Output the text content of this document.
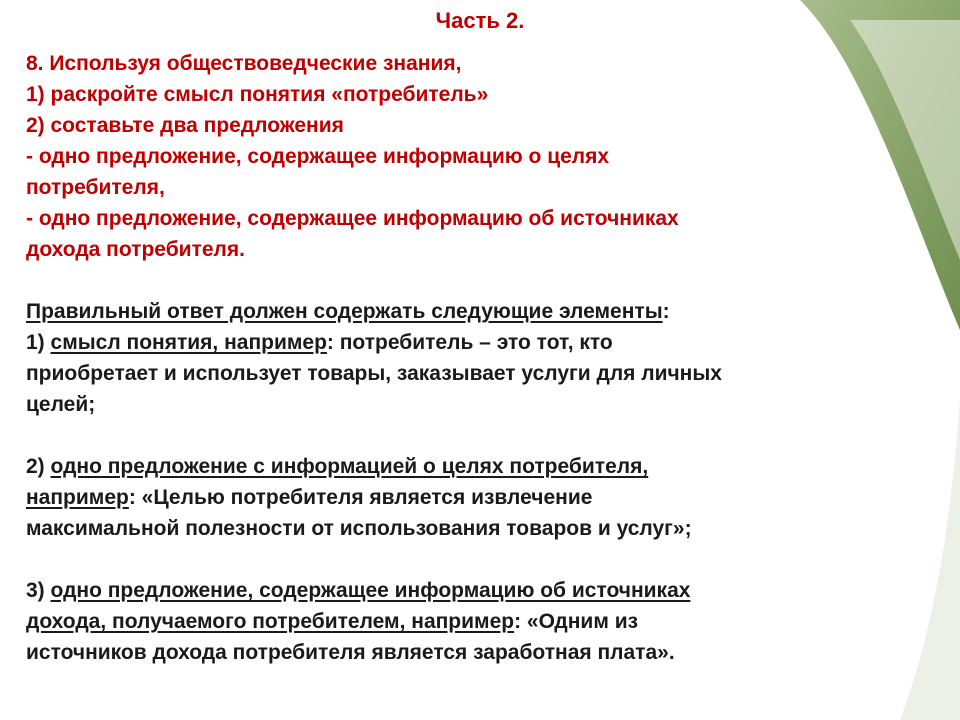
Часть 2.
8. Используя обществоведческие знания,
1) раскройте смысл понятия «потребитель»
2) составьте два предложения
- одно предложение, содержащее информацию о целях
потребителя,
- одно предложение, содержащее информацию об источниках
дохода потребителя.
Правильный ответ должен содержать следующие элементы:
1) смысл понятия, например: потребитель – это тот, кто
приобретает и использует товары, заказывает услуги для личных
целей;
2) одно предложение с информацией о целях потребителя,
например: «Целью потребителя является извлечение
максимальной полезности от использования товаров и услуг»;
3) одно предложение, содержащее информацию об источниках
дохода, получаемого потребителем, например: «Одним из
источников дохода потребителя является заработная плата».
